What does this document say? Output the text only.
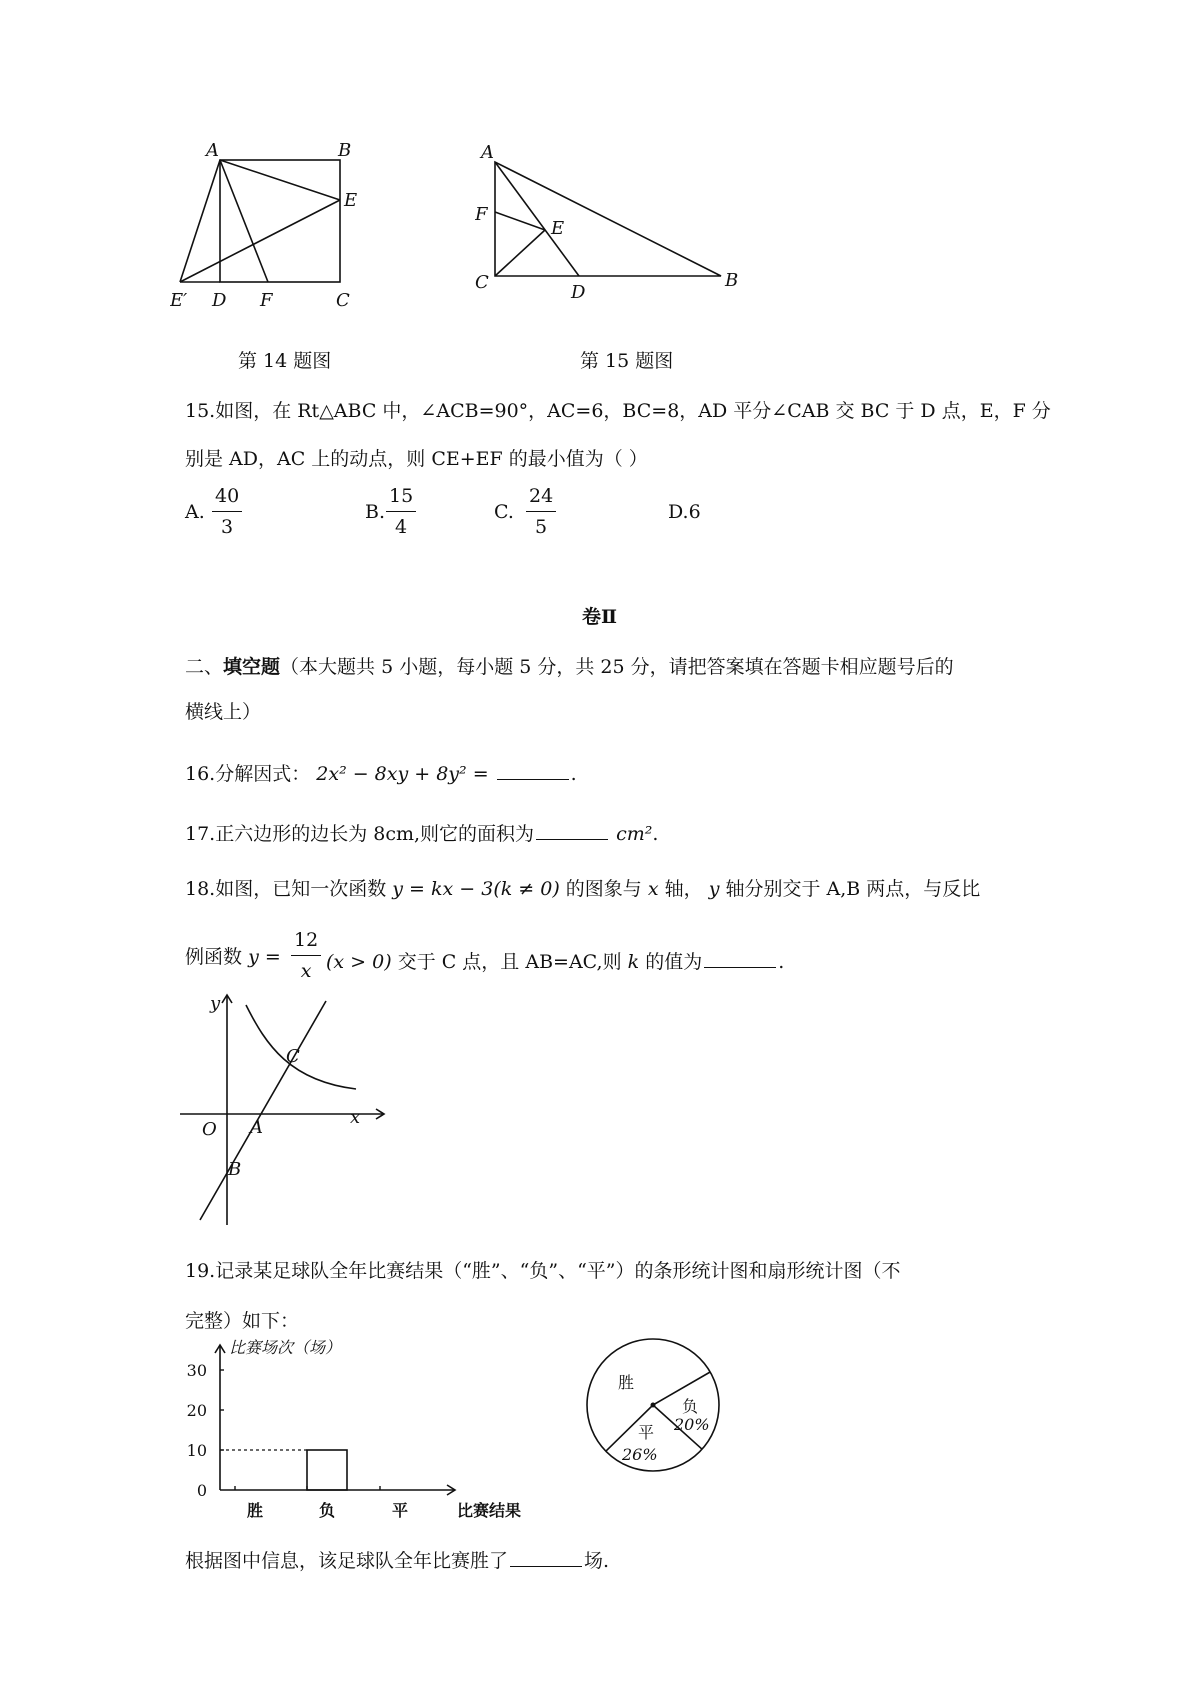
A	B
E
E′ D F	C
第 14 题图
A
F
E
C	D
B
第 15 题图
15.如图，在 Rt△ABC 中，∠ACB=90°，AC=6，BC=8，AD 平分∠CAB 交 BC 于 D 点，E，F 分
别是 AD，AC 上的动点，则 CE+EF 的最小值为（ ）
A. $\frac{40}{3}$	B. $\frac{15}{4}$	C. $\frac{24}{5}$	D.6
卷Ⅱ
二、填空题（本大题共 5 小题，每小题 5 分，共 25 分，请把答案填在答题卡相应题号后的
横线上）
16.分解因式： 2x² − 8xy + 8y² =	.
17.正六边形的边长为 8cm,则它的面积为	cm².
18.如图，已知一次函数 y = kx − 3(k ≠ 0) 的图象与 x 轴， y 轴分别交于 A,B 两点，与反比
例函数 $y = \frac{12}{x} (x > 0)$ 交于 C 点，且 AB=AC,则 k 的值为	.
y
x
O A
B
C
19.记录某足球队全年比赛结果（“胜”、“负”、“平”）的条形统计图和扇形统计图（不
完整）如下：
0
10
20
30
胜	负	平
比赛场次（场）
比赛结果
胜
负
20%
平
26%
根据图中信息，该足球队全年比赛胜了	场.
